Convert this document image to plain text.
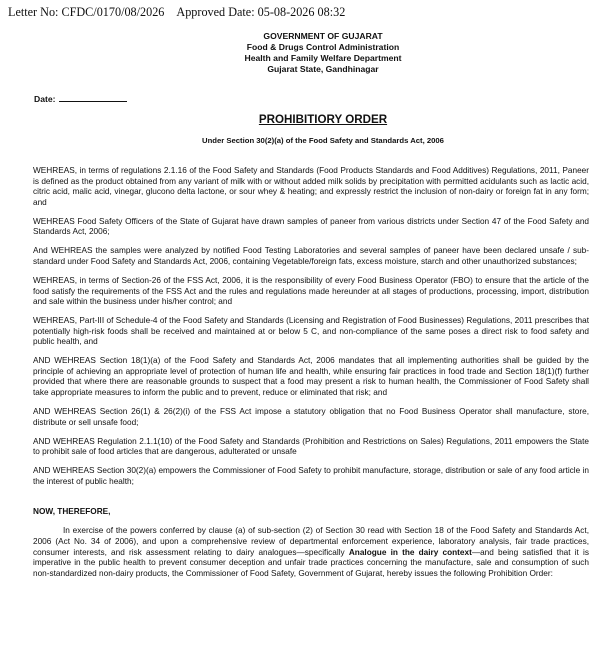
Letter No: CFDC/0170/08/2026 Approved Date: 05-08-2026 08:32
GOVERNMENT OF GUJARAT
Food & Drugs Control Administration
Health and Family Welfare Department
Gujarat State, Gandhinagar
Date:
PROHIBITIORY ORDER
Under Section 30(2)(a) of the Food Safety and Standards Act, 2006

WEHREAS, in terms of regulations 2.1.16 of the Food Safety and Standards (Food Products Standards and Food Additives) Regulations, 2011, Paneer is defined as the product obtained from any variant of milk with or without added milk solids by precipitation with permitted acidulants such as lactic acid, citric acid, malic acid, vinegar, glucono delta lactone, or sour whey & heating; and expressly restrict the inclusion of non-dairy or foreign fat in any form; and

WEHREAS Food Safety Officers of the State of Gujarat have drawn samples of paneer from various districts under Section 47 of the Food Safety and Standards Act, 2006;

And WEHREAS the samples were analyzed by notified Food Testing Laboratories and several samples of paneer have been declared unsafe / sub-standard under Food Safety and Standards Act, 2006, containing Vegetable/foreign fats, excess moisture, starch and other unauthorized substances;

WEHREAS, in terms of Section-26 of the FSS Act, 2006, it is the responsibility of every Food Business Operator (FBO) to ensure that the article of the food satisfy the requirements of the FSS Act and the rules and regulations made hereunder at all stages of productions, processing, import, distribution and sale within the business under his/her control; and

WEHREAS, Part-III of Schedule-4 of the Food Safety and Standards (Licensing and Registration of Food Businesses) Regulations, 2011 prescribes that potentially high-risk foods shall be received and maintained at or below 5 C, and non-compliance of the same poses a direct risk to food safety and public health, and

AND WEHREAS Section 18(1)(a) of the Food Safety and Standards Act, 2006 mandates that all implementing authorities shall be guided by the principle of achieving an appropriate level of protection of human life and health, while ensuring fair practices in food trade and Section 18(1)(f) further provided that where there are reasonable grounds to suspect that a food may present a risk to human health, the Commissioner of Food Safety shall take appropriate measures to inform the public and to prevent, reduce or eliminated that risk; and

AND WEHREAS Section 26(1) & 26(2)(i) of the FSS Act impose a statutory obligation that no Food Business Operator shall manufacture, store, distribute or sell unsafe food;

AND WEHREAS Regulation 2.1.1(10) of the Food Safety and Standards (Prohibition and Restrictions on Sales) Regulations, 2011 empowers the State to prohibit sale of food articles that are dangerous, adulterated or unsafe

AND WEHREAS Section 30(2)(a) empowers the Commissioner of Food Safety to prohibit manufacture, storage, distribution or sale of any food article in the interest of public health;

NOW, THEREFORE,

In exercise of the powers conferred by clause (a) of sub-section (2) of Section 30 read with Section 18 of the Food Safety and Standards Act, 2006 (Act No. 34 of 2006), and upon a comprehensive review of departmental enforcement experience, laboratory analysis, fair trade practices, consumer interests, and risk assessment relating to dairy analogues—specifically Analogue in the dairy context—and being satisfied that it is imperative in the public health to prevent consumer deception and unfair trade practices concerning the manufacture, sale and consumption of such non-standardized non-dairy products, the Commissioner of Food Safety, Government of Gujarat, hereby issues the following Prohibition Order:
